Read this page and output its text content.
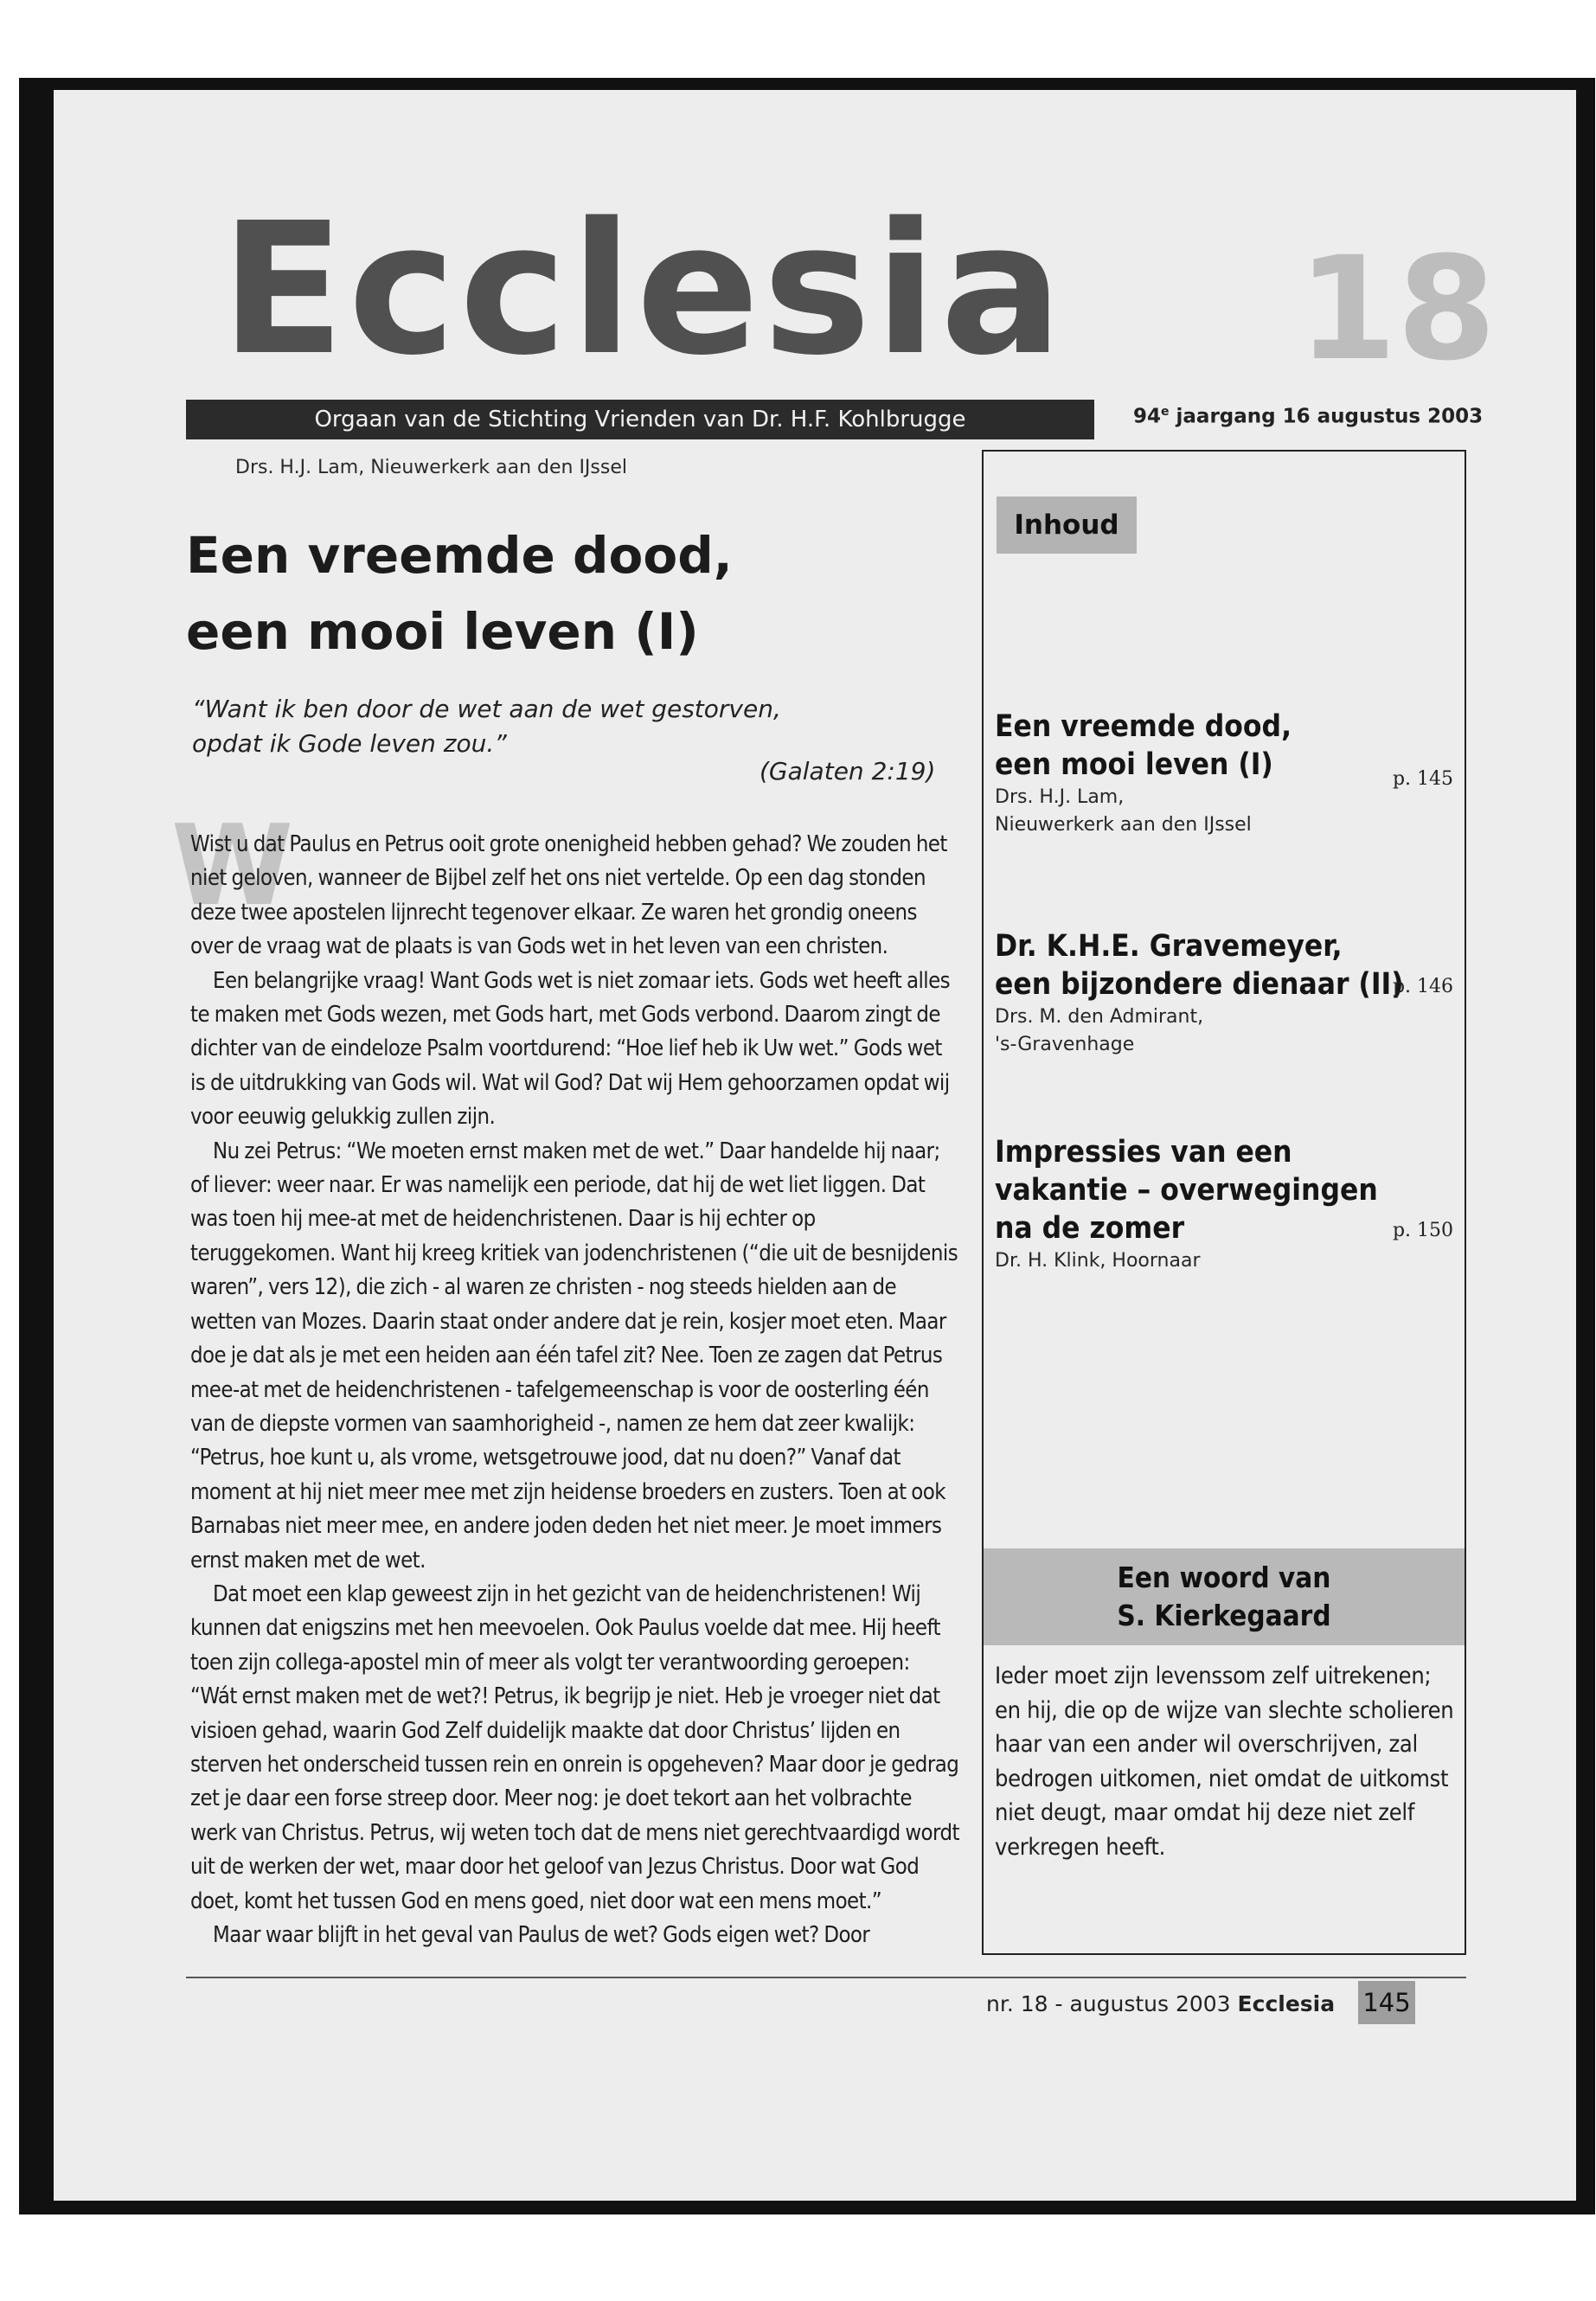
Ecclesia 18
Orgaan van de Stichting Vrienden van Dr. H.F. Kohlbrugge	94e jaargang 16 augustus 2003
Drs. H.J. Lam, Nieuwerkerk aan den IJssel
Een vreemde dood,
een mooi leven (I)
“Want ik ben door de wet aan de wet gestorven,
opdat ik Gode leven zou.”
(Galaten 2:19)
W

Wist u dat Paulus en Petrus ooit grote onenigheid hebben gehad? We zouden het niet geloven, wanneer de Bijbel zelf het ons niet vertelde. Op een dag stonden deze twee apostelen lijnrecht tegenover elkaar. Ze waren het grondig oneens over de vraag wat de plaats is van Gods wet in het leven van een christen.

Een belangrijke vraag! Want Gods wet is niet zomaar iets. Gods wet heeft alles te maken met Gods wezen, met Gods hart, met Gods verbond. Daarom zingt de dichter van de eindeloze Psalm voortdurend: “Hoe lief heb ik Uw wet.” Gods wet is de uitdrukking van Gods wil. Wat wil God? Dat wij Hem gehoorzamen opdat wij voor eeuwig gelukkig zullen zijn.

Nu zei Petrus: “We moeten ernst maken met de wet.” Daar handelde hij naar; of liever: weer naar. Er was namelijk een periode, dat hij de wet liet liggen. Dat was toen hij mee-at met de heidenchristenen. Daar is hij echter op teruggekomen. Want hij kreeg kritiek van jodenchristenen (“die uit de besnijdenis waren”, vers 12), die zich - al waren ze christen - nog steeds hielden aan de wetten van Mozes. Daarin staat onder andere dat je rein, kosjer moet eten. Maar doe je dat als je met een heiden aan één tafel zit? Nee. Toen ze zagen dat Petrus mee-at met de heidenchristenen - tafelgemeenschap is voor de oosterling één van de diepste vormen van saamhorigheid -, namen ze hem dat zeer kwalijk: “Petrus, hoe kunt u, als vrome, wetsgetrouwe jood, dat nu doen?” Vanaf dat moment at hij niet meer mee met zijn heidense broeders en zusters. Toen at ook Barnabas niet meer mee, en andere joden deden het niet meer. Je moet immers ernst maken met de wet.

Dat moet een klap geweest zijn in het gezicht van de heidenchristenen! Wij kunnen dat enigszins met hen meevoelen. Ook Paulus voelde dat mee. Hij heeft toen zijn collega-apostel min of meer als volgt ter verantwoording geroepen: “Wát ernst maken met de wet?! Petrus, ik begrijp je niet. Heb je vroeger niet dat visioen gehad, waarin God Zelf duidelijk maakte dat door Christus’ lijden en sterven het onderscheid tussen rein en onrein is opgeheven? Maar door je gedrag zet je daar een forse streep door. Meer nog: je doet tekort aan het volbrachte werk van Christus. Petrus, wij weten toch dat de mens niet gerechtvaardigd wordt uit de werken der wet, maar door het geloof van Jezus Christus. Door wat God doet, komt het tussen God en mens goed, niet door wat een mens moet.”

Maar waar blijft in het geval van Paulus de wet? Gods eigen wet? Door

Inhoud
Een vreemde dood,
een mooi leven (I)
Drs. H.J. Lam,
Nieuwerkerk aan den IJssel
p. 145
Dr. K.H.E. Gravemeyer,
een bijzondere dienaar (II)
Drs. M. den Admirant,
's-Gravenhage
p. 146
Impressies van een
vakantie – overwegingen
na de zomer
Dr. H. Klink, Hoornaar
p. 150
Een woord van
S. Kierkegaard
Ieder moet zijn levenssom zelf uitrekenen; en hij, die op de wijze van slechte scholieren haar van een ander wil overschrijven, zal bedrogen uitkomen, niet omdat de uitkomst niet deugt, maar omdat hij deze niet zelf verkregen heeft.
nr. 18 - augustus 2003 Ecclesia 145
